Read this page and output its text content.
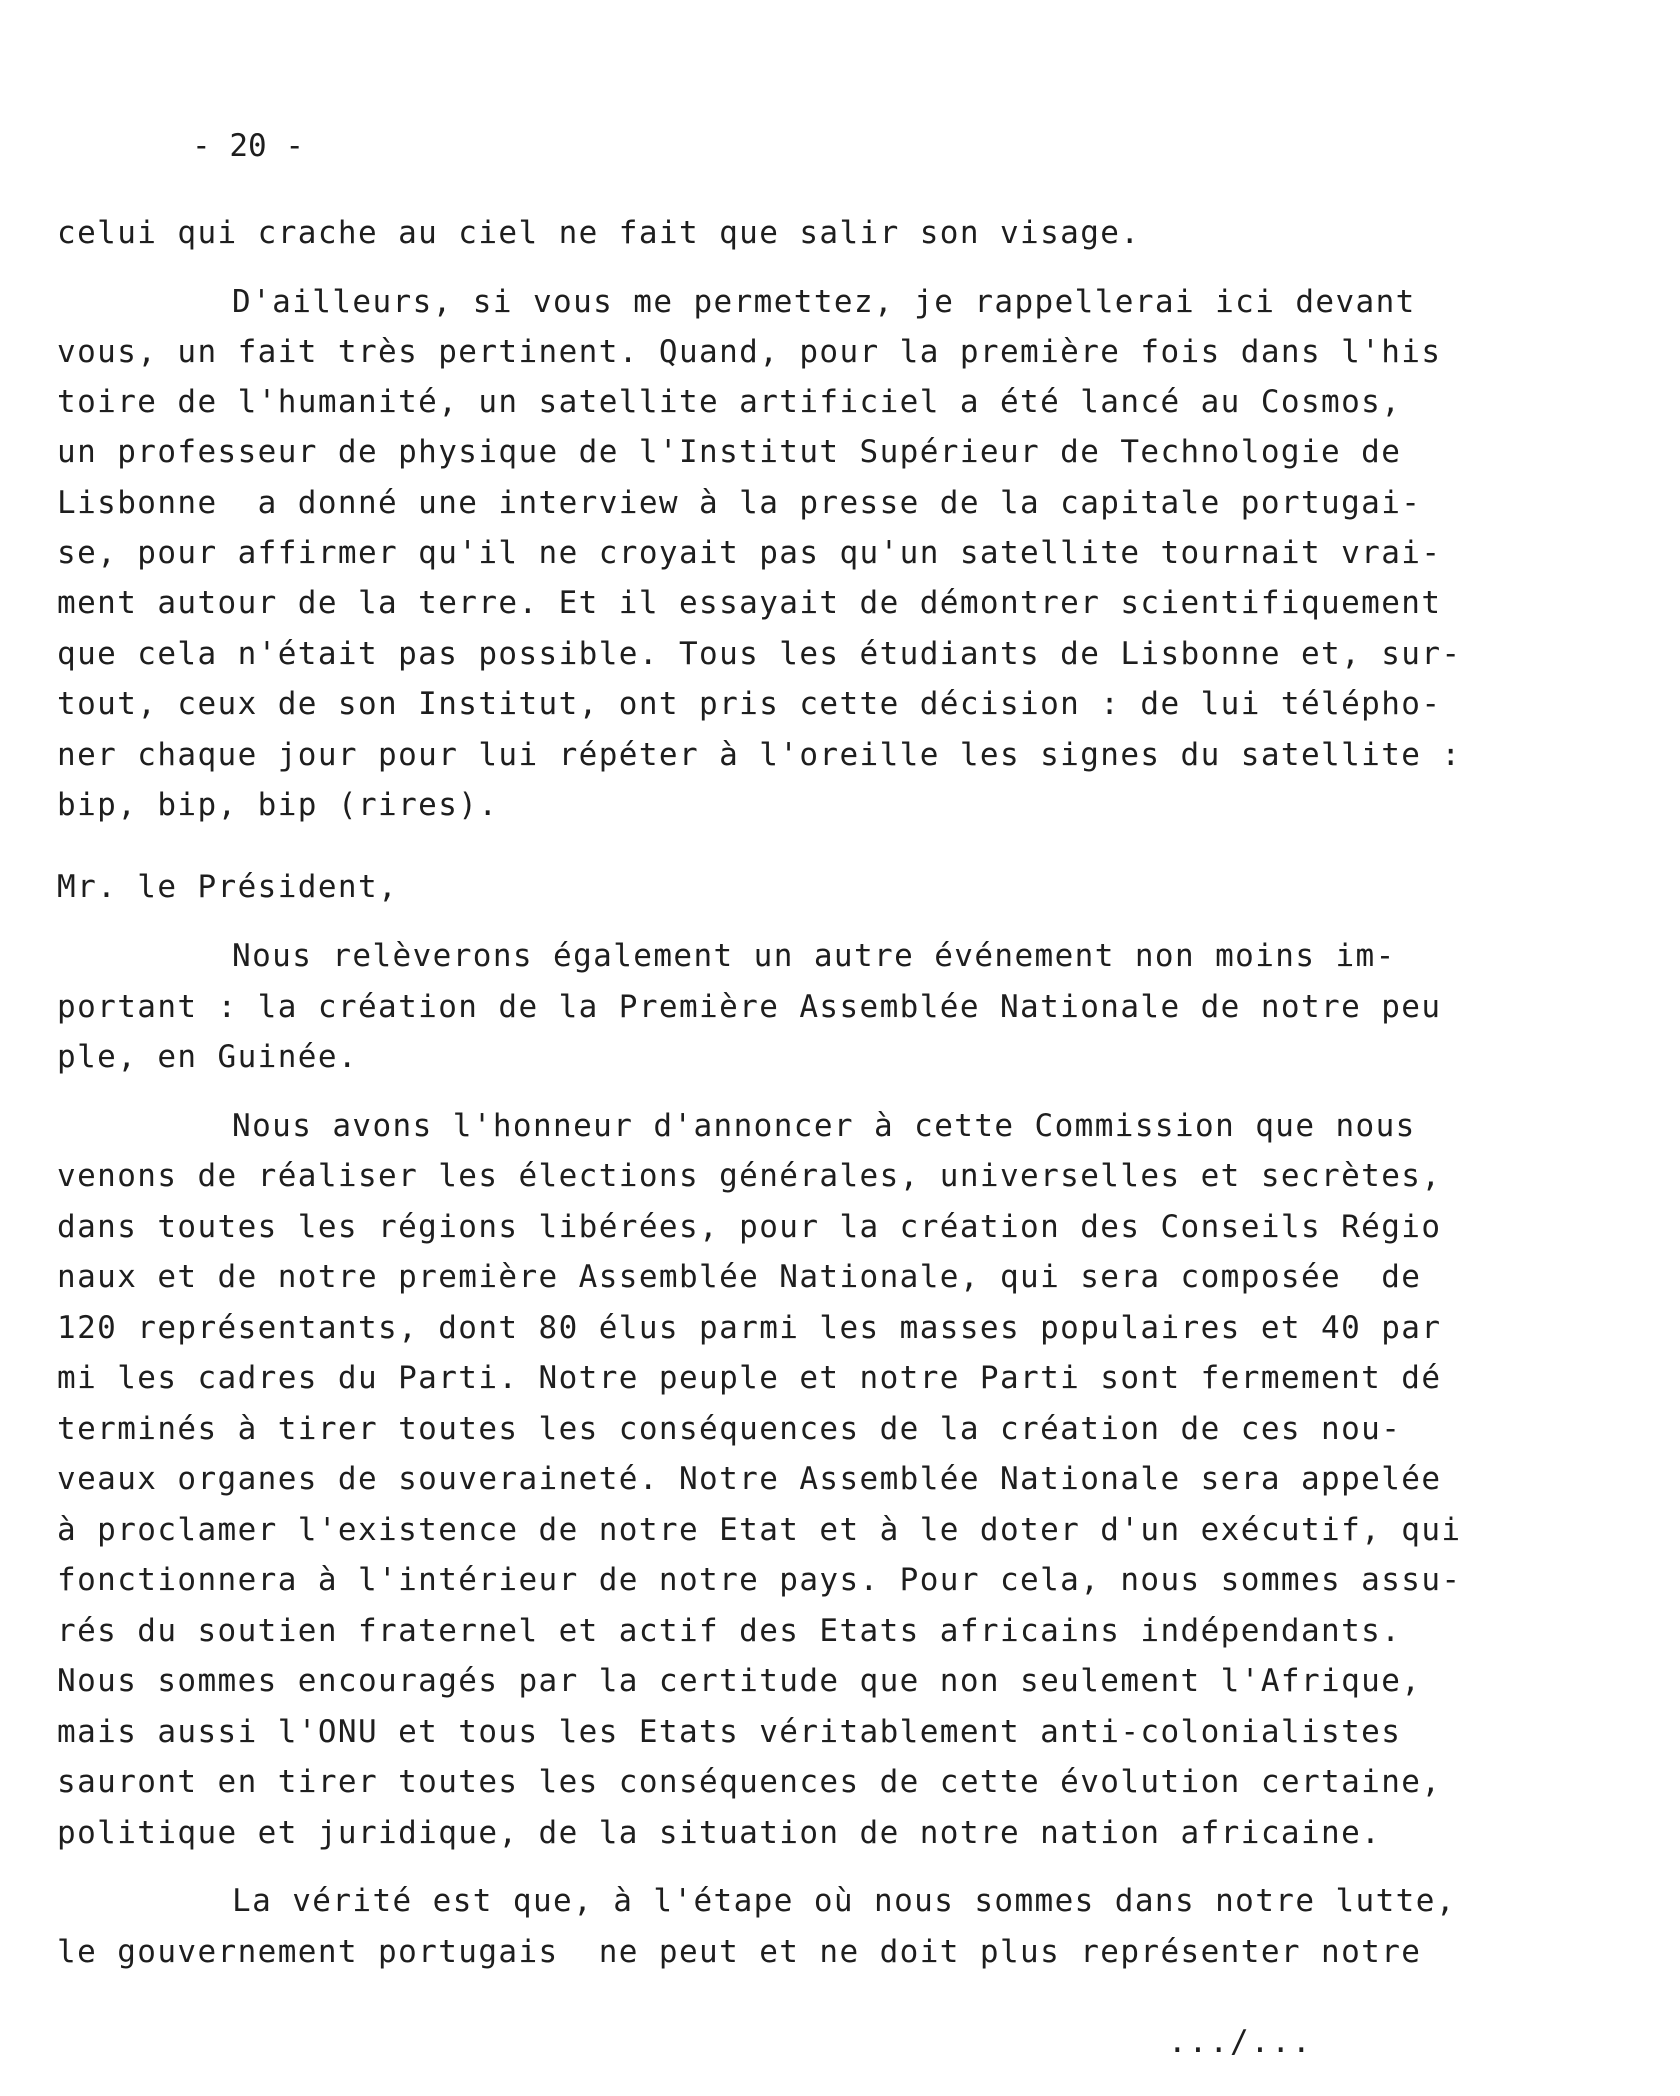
- 20 -
celui qui crache au ciel ne fait que salir son visage.
D'ailleurs, si vous me permettez, je rappellerai ici devant
vous, un fait très pertinent. Quand, pour la première fois dans l'his
toire de l'humanité, un satellite artificiel a été lancé au Cosmos,
un professeur de physique de l'Institut Supérieur de Technologie de
Lisbonne  a donné une interview à la presse de la capitale portugai-
se, pour affirmer qu'il ne croyait pas qu'un satellite tournait vrai-
ment autour de la terre. Et il essayait de démontrer scientifiquement
que cela n'était pas possible. Tous les étudiants de Lisbonne et, sur-
tout, ceux de son Institut, ont pris cette décision : de lui télépho-
ner chaque jour pour lui répéter à l'oreille les signes du satellite :
bip, bip, bip (rires).
Mr. le Président,
Nous relèverons également un autre événement non moins im-
portant : la création de la Première Assemblée Nationale de notre peu
ple, en Guinée.
Nous avons l'honneur d'annoncer à cette Commission que nous
venons de réaliser les élections générales, universelles et secrètes,
dans toutes les régions libérées, pour la création des Conseils Régio
naux et de notre première Assemblée Nationale, qui sera composée  de
120 représentants, dont 80 élus parmi les masses populaires et 40 par
mi les cadres du Parti. Notre peuple et notre Parti sont fermement dé
terminés à tirer toutes les conséquences de la création de ces nou-
veaux organes de souveraineté. Notre Assemblée Nationale sera appelée
à proclamer l'existence de notre Etat et à le doter d'un exécutif, qui
fonctionnera à l'intérieur de notre pays. Pour cela, nous sommes assu-
rés du soutien fraternel et actif des Etats africains indépendants.
Nous sommes encouragés par la certitude que non seulement l'Afrique,
mais aussi l'ONU et tous les Etats véritablement anti-colonialistes
sauront en tirer toutes les conséquences de cette évolution certaine,
politique et juridique, de la situation de notre nation africaine.
La vérité est que, à l'étape où nous sommes dans notre lutte,
le gouvernement portugais  ne peut et ne doit plus représenter notre
.../...
